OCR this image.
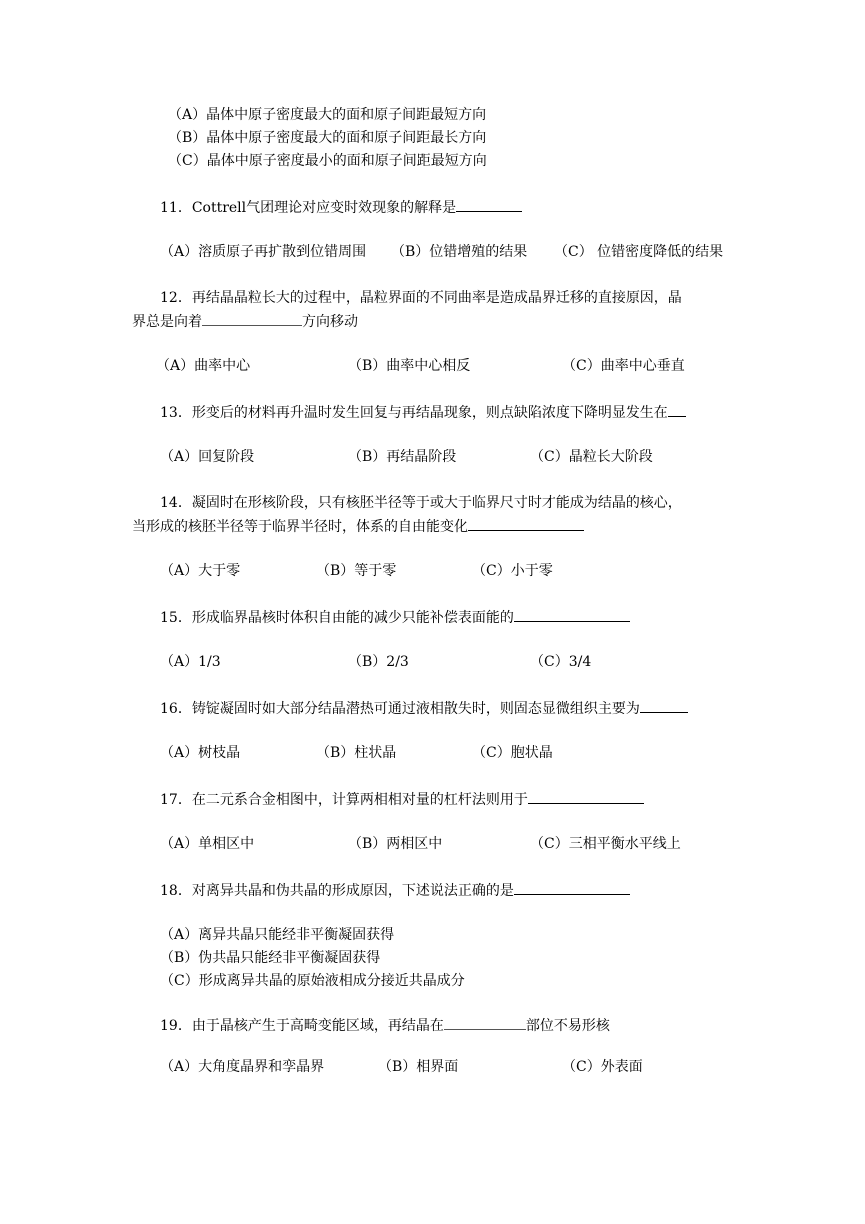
（A）晶体中原子密度最大的面和原子间距最短方向
（B）晶体中原子密度最大的面和原子间距最长方向
（C）晶体中原子密度最小的面和原子间距最短方向
11．Cottrell气团理论对应变时效现象的解释是
（A）溶质原子再扩散到位错周围 （B）位错增殖的结果 （C） 位错密度降低的结果
12．再结晶晶粒长大的过程中，晶粒界面的不同曲率是造成晶界迁移的直接原因，晶
界总是向着	方向移动
（A）曲率中心	（B）曲率中心相反	（C）曲率中心垂直
13．形变后的材料再升温时发生回复与再结晶现象，则点缺陷浓度下降明显发生在
（A）回复阶段	（B）再结晶阶段	（C）晶粒长大阶段
14．凝固时在形核阶段，只有核胚半径等于或大于临界尺寸时才能成为结晶的核心，
当形成的核胚半径等于临界半径时，体系的自由能变化
（A）大于零	（B）等于零	（C）小于零
15．形成临界晶核时体积自由能的减少只能补偿表面能的
（A）1/3	（B）2/3	（C）3/4
16．铸锭凝固时如大部分结晶潜热可通过液相散失时，则固态显微组织主要为
（A）树枝晶	（B）柱状晶	（C）胞状晶
17．在二元系合金相图中，计算两相相对量的杠杆法则用于
（A）单相区中	（B）两相区中	（C）三相平衡水平线上
18．对离异共晶和伪共晶的形成原因，下述说法正确的是
（A）离异共晶只能经非平衡凝固获得
（B）伪共晶只能经非平衡凝固获得
（C）形成离异共晶的原始液相成分接近共晶成分
19．由于晶核产生于高畸变能区域，再结晶在	部位不易形核
（A）大角度晶界和孪晶界	（B）相界面	（C）外表面
